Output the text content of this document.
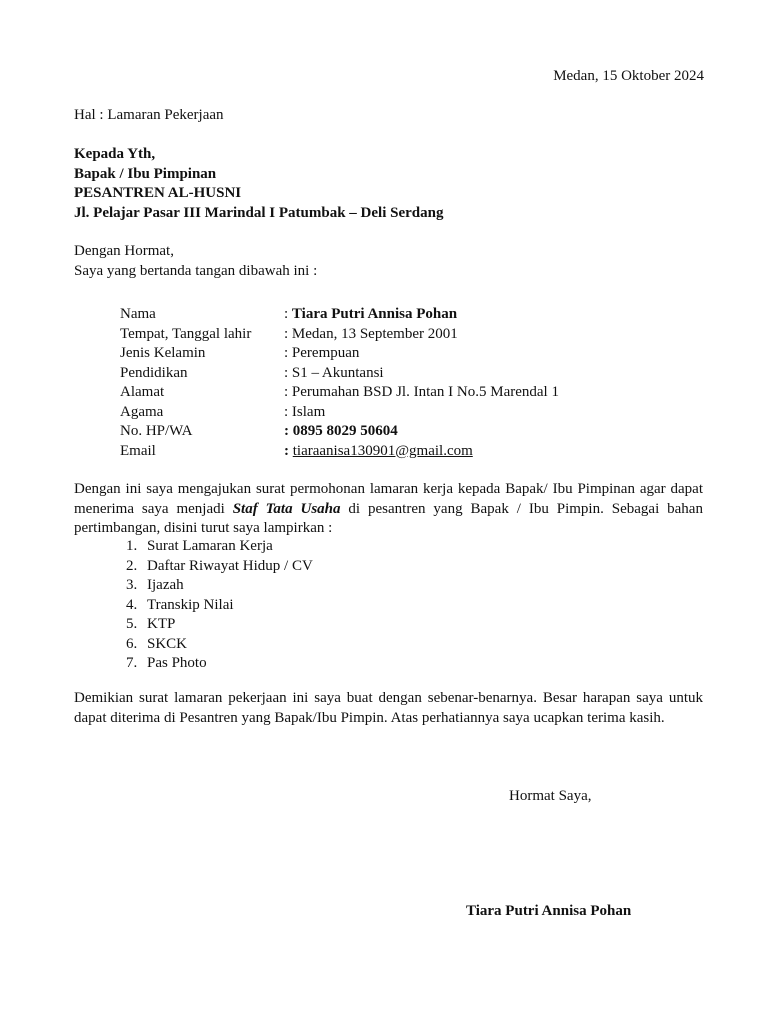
Medan, 15 Oktober 2024
Hal : Lamaran Pekerjaan
Kepada Yth,
Bapak / Ibu Pimpinan
PESANTREN AL-HUSNI
Jl. Pelajar Pasar III Marindal I Patumbak – Deli Serdang
Dengan Hormat,
Saya yang bertanda tangan dibawah ini :
Nama	: Tiara Putri Annisa Pohan
Tempat, Tanggal lahir	: Medan, 13 September 2001
Jenis Kelamin	: Perempuan
Pendidikan	: S1 – Akuntansi
Alamat	: Perumahan BSD Jl. Intan I No.5 Marendal 1
Agama	: Islam
No. HP/WA	: 0895 8029 50604
Email	: tiaraanisa130901@gmail.com
Dengan ini saya mengajukan surat permohonan lamaran kerja kepada Bapak/ Ibu Pimpinan agar dapat menerima saya menjadi Staf Tata Usaha di pesantren yang Bapak / Ibu Pimpin. Sebagai bahan pertimbangan, disini turut saya lampirkan :
1. Surat Lamaran Kerja
2. Daftar Riwayat Hidup / CV
3. Ijazah
4. Transkip Nilai
5. KTP
6. SKCK
7. Pas Photo
Demikian surat lamaran pekerjaan ini saya buat dengan sebenar-benarnya. Besar harapan saya untuk dapat diterima di Pesantren yang Bapak/Ibu Pimpin. Atas perhatiannya saya ucapkan terima kasih.
Hormat Saya,
Tiara Putri Annisa Pohan
